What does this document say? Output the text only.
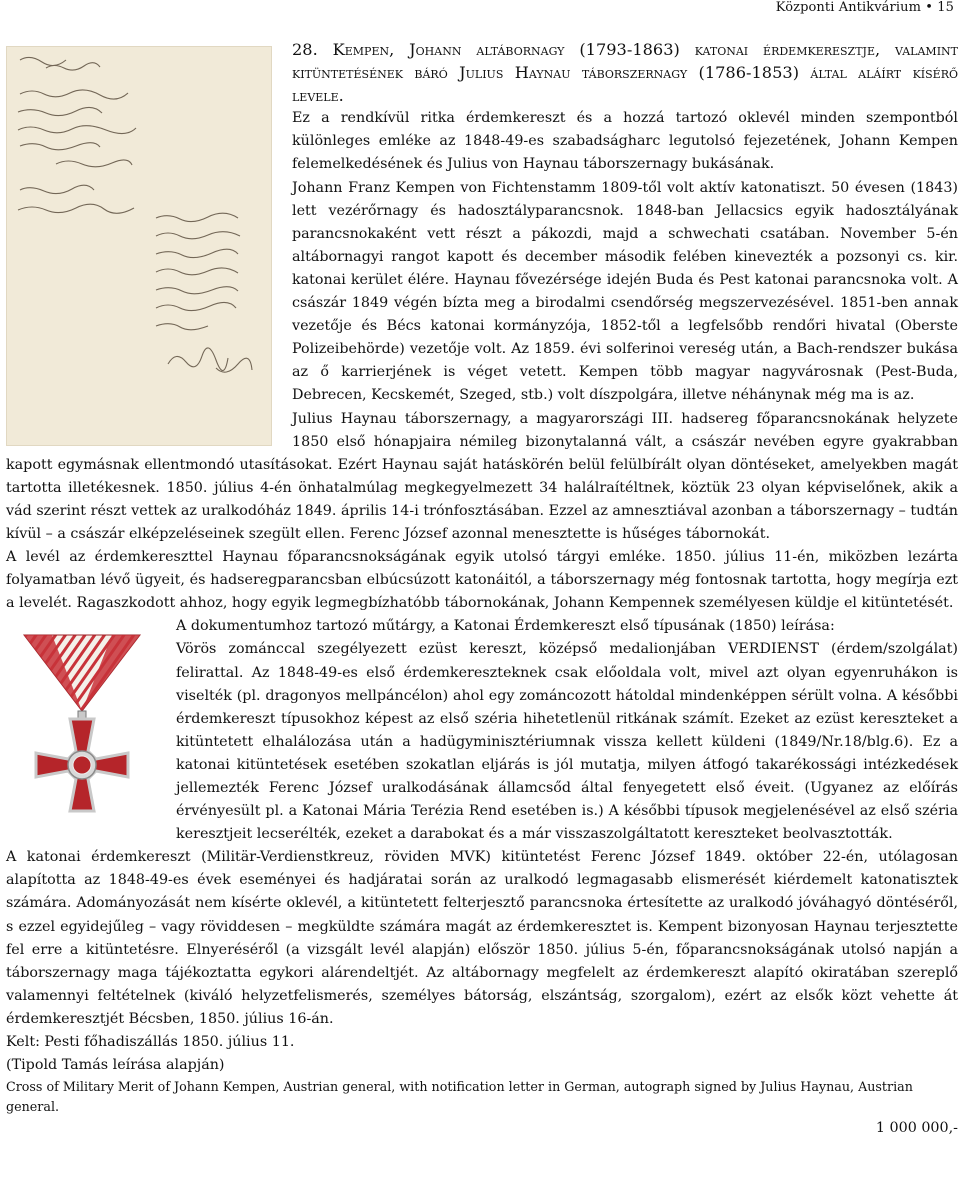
Központi Antikvárium • 15

28. Kempen, Johann altábornagy (1793-1863) katonai érdemkeresztje, valamint kitüntetésének báró Julius Haynau táborszernagy (1786-1853) által aláírt kísérő levele.

Ez a rendkívül ritka érdemkereszt és a hozzá tartozó oklevél minden szempontból különleges emléke az 1848-49-es szabadságharc legutolsó fejezetének, Johann Kempen felemelkedésének és Julius von Haynau táborszernagy bukásának.

Johann Franz Kempen von Fichtenstamm 1809-től volt aktív katonatiszt. 50 évesen (1843) lett vezérőrnagy és hadosztályparancsnok. 1848-ban Jellacsics egyik hadosztályának parancsnokaként vett részt a pákozdi, majd a schwechati csatában. November 5-én altábornagyi rangot kapott és december második felében kinevezték a pozsonyi cs. kir. katonai kerület élére. Haynau fővezérsége idején Buda és Pest katonai parancsnoka volt. A császár 1849 végén bízta meg a birodalmi csendőrség megszervezésével. 1851-ben annak vezetője és Bécs katonai kormányzója, 1852-től a legfelsőbb rendőri hivatal (Oberste Polizeibehörde) vezetője volt. Az 1859. évi solferinoi vereség után, a Bach-rendszer bukása az ő karrierjének is véget vetett. Kempen több magyar nagyvárosnak (Pest-Buda, Debrecen, Kecskemét, Szeged, stb.) volt díszpolgára, illetve néhánynak még ma is az.

Julius Haynau táborszernagy, a magyarországi III. hadsereg főparancsnokának helyzete 1850 első hónapjaira némileg bizonytalanná vált, a császár nevében egyre gyakrabban kapott egymásnak ellentmondó utasításokat. Ezért Haynau saját hatáskörén belül felülbírált olyan döntéseket, amelyekben magát tartotta illetékesnek. 1850. július 4-én önhatalmúlag megkegyelmezett 34 halálraítéltnek, köztük 23 olyan képviselőnek, akik a vád szerint részt vettek az uralkodóház 1849. április 14-i trónfosztásában. Ezzel az amnesztiával azonban a táborszernagy – tudtán kívül – a császár elképzeléseinek szegült ellen. Ferenc József azonnal menesztette is hűséges tábornokát.

A levél az érdemkereszttel Haynau főparancsnokságának egyik utolsó tárgyi emléke. 1850. július 11-én, miközben lezárta folyamatban lévő ügyeit, és hadseregparancsban elbúcsúzott katonáitól, a táborszernagy még fontosnak tartotta, hogy megírja ezt a levelét. Ragaszkodott ahhoz, hogy egyik legmegbízhatóbb tábornokának, Johann Kempennek személyesen küldje el kitüntetését.

A dokumentumhoz tartozó műtárgy, a Katonai Érdemkereszt első típusának (1850) leírása:

Vörös zománccal szegélyezett ezüst kereszt, középső medalionjában VERDIENST (érdem/szolgálat) felirattal. Az 1848-49-es első érdemkereszteknek csak előoldala volt, mivel azt olyan egyenruhákon is viselték (pl. dragonyos mellpáncélon) ahol egy zománcozott hátoldal mindenképpen sérült volna. A későbbi érdemkereszt típusokhoz képest az első széria hihetetlenül ritkának számít. Ezeket az ezüst kereszteket a kitüntetett elhalálozása után a hadügyminisztériumnak vissza kellett küldeni (1849/Nr.18/blg.6). Ez a katonai kitüntetések esetében szokatlan eljárás is jól mutatja, milyen átfogó takarékossági intézkedések jellemezték Ferenc József uralkodásának államcsőd által fenyegetett első éveit. (Ugyanez az előírás érvényesült pl. a Katonai Mária Terézia Rend esetében is.) A későbbi típusok megjelenésével az első széria keresztjeit lecserélték, ezeket a darabokat és a már visszaszolgáltatott kereszteket beolvasztották.

A katonai érdemkereszt (Militär-Verdienstkreuz, röviden MVK) kitüntetést Ferenc József 1849. október 22-én, utólagosan alapította az 1848-49-es évek eseményei és hadjáratai során az uralkodó legmagasabb elismerését kiérdemelt katonatisztek számára. Adományozását nem kísérte oklevél, a kitüntetett felterjesztő parancsnoka értesítette az uralkodó jóváhagyó döntéséről, s ezzel egyidejűleg – vagy röviddesen – megküldte számára magát az érdemkeresztet is. Kempent bizonyosan Haynau terjesztette fel erre a kitüntetésre. Elnyeréséről (a vizsgált levél alapján) először 1850. július 5-én, főparancsnokságának utolsó napján a táborszernagy maga tájékoztatta egykori alárendeltjét. Az altábornagy megfelelt az érdemkereszt alapító okiratában szereplő valamennyi feltételnek (kiváló helyzetfelismerés, személyes bátorság, elszántság, szorgalom), ezért az elsők közt vehette át érdemkeresztjét Bécsben, 1850. július 16-án.

Kelt: Pesti főhadiszállás 1850. július 11.

(Tipold Tamás leírása alapján)

Cross of Military Merit of Johann Kempen, Austrian general, with notification letter in German, autograph signed by Julius Haynau, Austrian general.

1 000 000,-
